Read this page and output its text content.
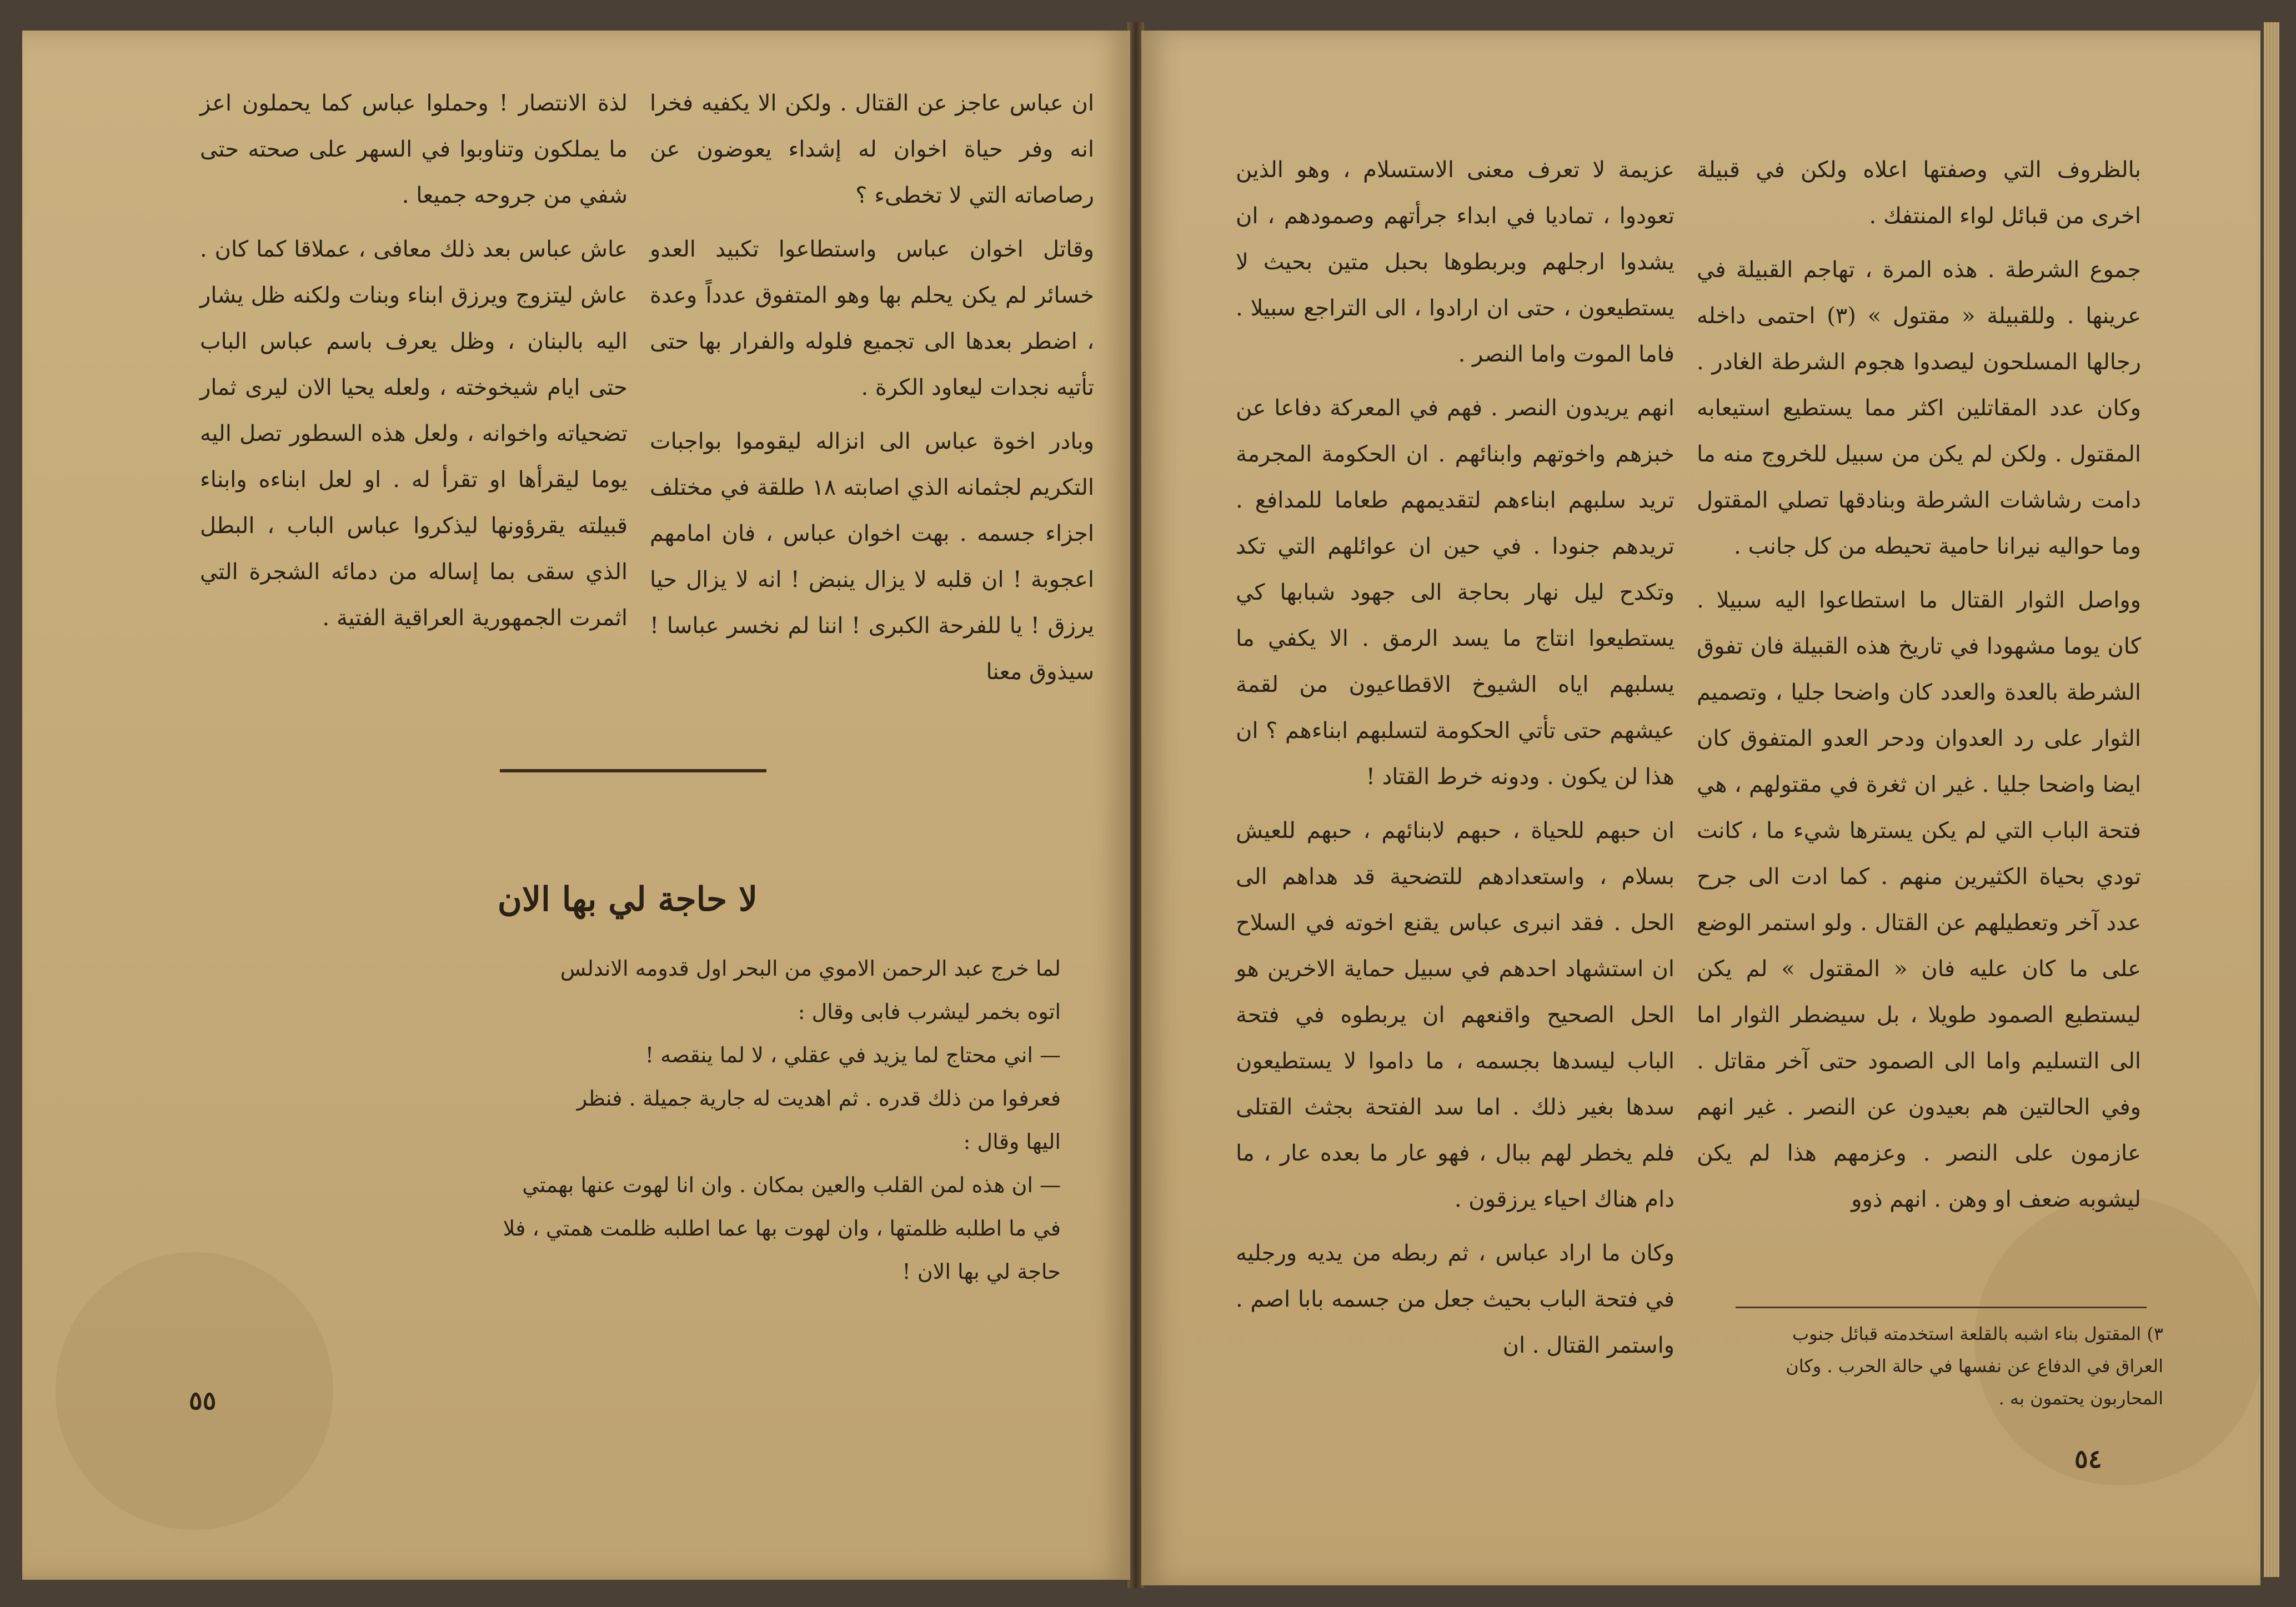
ان عباس عاجز عن القتال . ولكن الا يكفيه فخرا انه وفر حياة اخوان له إشداء يعوضون عن رصاصاته التي لا تخطىء ؟

وقاتل اخوان عباس واستطاعوا تكبيد العدو خسائر لم يكن يحلم بها وهو المتفوق عدداً وعدة ، اضطر بعدها الى تجميع فلوله والفرار بها حتى تأتيه نجدات ليعاود الكرة .

وبادر اخوة عباس الى انزاله ليقوموا بواجبات التكريم لجثمانه الذي اصابته ١٨ طلقة في مختلف اجزاء جسمه . بهت اخوان عباس ، فان امامهم اعجوبة ! ان قلبه لا يزال ينبض ! انه لا يزال حيا يرزق ! يا للفرحة الكبرى ! اننا لم نخسر عباسا ! سيذوق معنا

لذة الانتصار ! وحملوا عباس كما يحملون اعز ما يملكون وتناوبوا في السهر على صحته حتى شفي من جروحه جميعا .

عاش عباس بعد ذلك معافى ، عملاقا كما كان . عاش ليتزوج ويرزق ابناء وبنات ولكنه ظل يشار اليه بالبنان ، وظل يعرف باسم عباس الباب حتى ايام شيخوخته ، ولعله يحيا الان ليرى ثمار تضحياته واخوانه ، ولعل هذه السطور تصل اليه يوما ليقرأها او تقرأ له . او لعل ابناءه وابناء قبيلته يقرؤونها ليذكروا عباس الباب ، البطل الذي سقى بما إساله من دمائه الشجرة التي اثمرت الجمهورية العراقية الفتية .

لا حاجة لي بها الان
لما خرج عبد الرحمن الاموي من البحر اول قدومه الاندلس
اتوه بخمر ليشرب فابى وقال :
— اني محتاج لما يزيد في عقلي ، لا لما ينقصه !
فعرفوا من ذلك قدره . ثم اهديت له جارية جميلة . فنظر
اليها وقال :
— ان هذه لمن القلب والعين بمكان . وان انا لهوت عنها بهمتي
في ما اطلبه ظلمتها ، وان لهوت بها عما اطلبه ظلمت همتي ، فلا
حاجة لي بها الان !
٥٥

بالظروف التي وصفتها اعلاه ولكن في قبيلة اخرى من قبائل لواء المنتفك .

جموع الشرطة . هذه المرة ، تهاجم القبيلة في عرينها . وللقبيلة « مقتول » (٣) احتمى داخله رجالها المسلحون ليصدوا هجوم الشرطة الغادر . وكان عدد المقاتلين اكثر مما يستطيع استيعابه المقتول . ولكن لم يكن من سبيل للخروج منه ما دامت رشاشات الشرطة وبنادقها تصلي المقتول وما حواليه نيرانا حامية تحيطه من كل جانب .

وواصل الثوار القتال ما استطاعوا اليه سبيلا . كان يوما مشهودا في تاريخ هذه القبيلة فان تفوق الشرطة بالعدة والعدد كان واضحا جليا ، وتصميم الثوار على رد العدوان ودحر العدو المتفوق كان ايضا واضحا جليا . غير ان ثغرة في مقتولهم ، هي فتحة الباب التي لم يكن يسترها شيء ما ، كانت تودي بحياة الكثيرين منهم . كما ادت الى جرح عدد آخر وتعطيلهم عن القتال . ولو استمر الوضع على ما كان عليه فان « المقتول » لم يكن ليستطيع الصمود طويلا ، بل سيضطر الثوار اما الى التسليم واما الى الصمود حتى آخر مقاتل . وفي الحالتين هم بعيدون عن النصر . غير انهم عازمون على النصر . وعزمهم هذا لم يكن ليشوبه ضعف او وهن . انهم ذوو

عزيمة لا تعرف معنى الاستسلام ، وهو الذين تعودوا ، تماديا في ابداء جرأتهم وصمودهم ، ان يشدوا ارجلهم وبربطوها بحبل متين بحيث لا يستطيعون ، حتى ان ارادوا ، الى التراجع سبيلا . فاما الموت واما النصر .

انهم يريدون النصر . فهم في المعركة دفاعا عن خبزهم واخوتهم وابنائهم . ان الحكومة المجرمة تريد سلبهم ابناءهم لتقديمهم طعاما للمدافع . تريدهم جنودا . في حين ان عوائلهم التي تكد وتكدح ليل نهار بحاجة الى جهود شبابها كي يستطيعوا انتاج ما يسد الرمق . الا يكفي ما يسلبهم اياه الشيوخ الاقطاعيون من لقمة عيشهم حتى تأتي الحكومة لتسلبهم ابناءهم ؟ ان هذا لن يكون . ودونه خرط القتاد !

ان حبهم للحياة ، حبهم لابنائهم ، حبهم للعيش بسلام ، واستعدادهم للتضحية قد هداهم الى الحل . فقد انبرى عباس يقنع اخوته في السلاح ان استشهاد احدهم في سبيل حماية الاخرين هو الحل الصحيح واقنعهم ان يربطوه في فتحة الباب ليسدها بجسمه ، ما داموا لا يستطيعون سدها بغير ذلك . اما سد الفتحة بجثث القتلى فلم يخطر لهم ببال ، فهو عار ما بعده عار ، ما دام هناك احياء يرزقون .

وكان ما اراد عباس ، ثم ربطه من يديه ورجليه في فتحة الباب بحيث جعل من جسمه بابا اصم . واستمر القتال . ان	٣) المقتول بناء اشبه بالقلعة استخدمته قبائل جنوب العراق في الدفاع عن نفسها في حالة الحرب . وكان المحاربون يحتمون به .
٥٤
